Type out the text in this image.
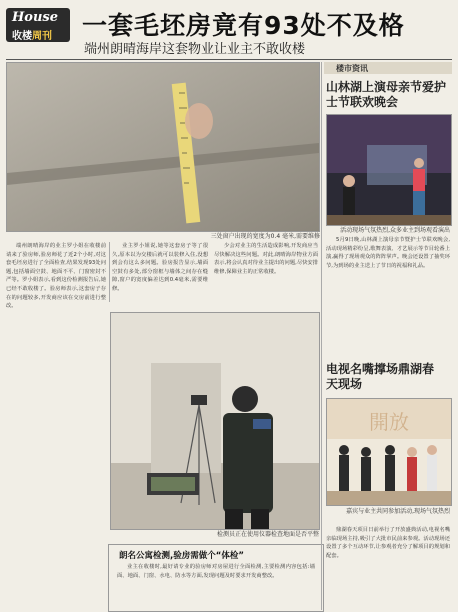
House
收楼周刊 一套毛坯房竟有93处不及格
端州朗晴海岸这套物业让业主不敢收楼
三处窗户出现的宽度为0.4 毫米,需要维修

端州朗晴海岸的业主罗小姐在收楼前请来了验房师,验房师花了近2个小时,对这套毛坯房进行了全面检查,结果发现93处问题,包括墙面空鼓、地面不平、门窗密封不严等。罗小姐表示,看到这份检测报告后,她已经不敢收楼了。验房师表示,这套房子存在的问题较多,开发商应该在交房前进行整改。

业主罗小姐说,她等这套房子等了很久,原本以为交楼后就可以装修入住,没想到会有这么多问题。验房报告显示,墙面空鼓有多处,部分窗框与墙体之间存在缝隙,窗户的宽度偏差达到0.4毫米,需要维修。

少会对业主的生活造成影响,开发商应当尽快解决这些问题。对此,朗晴海岸物业方面表示,将会认真对待业主提出的问题,尽快安排维修,保障业主的正常收楼。

检测员正在使用仪器检查地面是否平整
朗名公寓检测,验房需做个“体检”

业主在收楼时,最好请专业的验房师对房屋进行全面检测,主要检测内容包括:墙面、地面、门窗、水电、防水等方面,发现问题及时要求开发商整改。

楼市资讯
山林湖上演母亲节爱护士节联欢晚会
活动现场气氛热烈,众多业主到场观看演出

5月9日晚,山林湖上演母亲节暨护士节联欢晚会,活动现场精彩纷呈,歌舞表演、才艺展示等节目轮番上演,赢得了现场观众的阵阵掌声。晚会还设置了抽奖环节,为到场的业主送上了节日的祝福和礼品。

电视名嘴撑场鼎湖春天现场
開放
嘉宾与业主共同参加活动,现场气氛热烈

鼎湖春天项目日前举行了开放盛典活动,电视名嘴亲临现场主持,吸引了大批市民前来参观。活动现场还设置了多个互动环节,让参观者充分了解项目的规划和配套。
